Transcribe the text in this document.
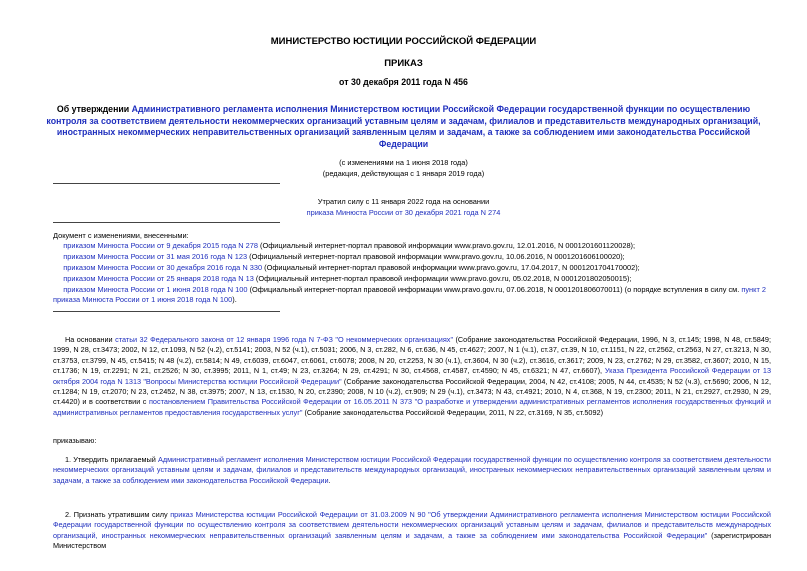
МИНИСТЕРСТВО ЮСТИЦИИ РОССИЙСКОЙ ФЕДЕРАЦИИ
ПРИКАЗ
от 30 декабря 2011 года N 456
Об утверждении Административного регламента исполнения Министерством юстиции Российской Федерации государственной функции по осуществлению контроля за соответствием деятельности некоммерческих организаций уставным целям и задачам, филиалов и представительств международных организаций, иностранных некоммерческих неправительственных организаций заявленным целям и задачам, а также за соблюдением ими законодательства Российской Федерации
(с изменениями на 1 июня 2018 года)
(редакция, действующая с 1 января 2019 года)
Утратил силу с 11 января 2022 года на основании
приказа Минюста России от 30 декабря 2021 года N 274
Документ с изменениями, внесенными:
приказом Минюста России от 9 декабря 2015 года N 278 (Официальный интернет-портал правовой информации www.pravo.gov.ru, 12.01.2016, N 0001201601120028);
приказом Минюста России от 31 мая 2016 года N 123 (Официальный интернет-портал правовой информации www.pravo.gov.ru, 10.06.2016, N 0001201606100020);
приказом Минюста России от 30 декабря 2016 года N 330 (Официальный интернет-портал правовой информации www.pravo.gov.ru, 17.04.2017, N 0001201704170002);
приказом Минюста России от 25 января 2018 года N 13 (Официальный интернет-портал правовой информации www.pravo.gov.ru, 05.02.2018, N 0001201802050015);
приказом Минюста России от 1 июня 2018 года N 100 (Официальный интернет-портал правовой информации www.pravo.gov.ru, 07.06.2018, N 0001201806070011) (о порядке вступления в силу см. пункт 2 приказа Минюста России от 1 июня 2018 года N 100).
На основании статьи 32 Федерального закона от 12 января 1996 года N 7-ФЗ "О некоммерческих организациях" (Собрание законодательства Российской Федерации, 1996, N 3, ст.145; 1998, N 48, ст.5849; 1999, N 28, ст.3473; 2002, N 12, ст.1093, N 52 (ч.2), ст.5141; 2003, N 52 (ч.1), ст.5031; 2006, N 3, ст.282, N 6, ст.636, N 45, ст.4627; 2007, N 1 (ч.1), ст.37, ст.39, N 10, ст.1151, N 22, ст.2562, ст.2563, N 27, ст.3213, N 30, ст.3753, ст.3799, N 45, ст.5415; N 48 (ч.2), ст.5814; N 49, ст.6039, ст.6047, ст.6061, ст.6078; 2008, N 20, ст.2253, N 30 (ч.1), ст.3604, N 30 (ч.2), ст.3616, ст.3617; 2009, N 23, ст.2762; N 29, ст.3582, ст.3607; 2010, N 15, ст.1736; N 19, ст.2291; N 21, ст.2526; N 30, ст.3995; 2011, N 1, ст.49; N 23, ст.3264; N 29, ст.4291; N 30, ст.4568, ст.4587, ст.4590; N 45, ст.6321; N 47, ст.6607), Указа Президента Российской Федерации от 13 октября 2004 года N 1313 "Вопросы Министерства юстиции Российской Федерации" (Собрание законодательства Российской Федерации, 2004, N 42, ст.4108; 2005, N 44, ст.4535; N 52 (ч.3), ст.5690; 2006, N 12, ст.1284; N 19, ст.2070; N 23, ст.2452, N 38, ст.3975; 2007, N 13, ст.1530, N 20, ст.2390; 2008, N 10 (ч.2), ст.909; N 29 (ч.1), ст.3473; N 43, ст.4921; 2010, N 4, ст.368, N 19, ст.2300; 2011, N 21, ст.2927, ст.2930, N 29, ст.4420) и в соответствии с постановлением Правительства Российской Федерации от 16.05.2011 N 373 "О разработке и утверждении административных регламентов исполнения государственных функций и административных регламентов предоставления государственных услуг" (Собрание законодательства Российской Федерации, 2011, N 22, ст.3169, N 35, ст.5092)
приказываю:
1. Утвердить прилагаемый Административный регламент исполнения Министерством юстиции Российской Федерации государственной функции по осуществлению контроля за соответствием деятельности некоммерческих организаций уставным целям и задачам, филиалов и представительств международных организаций, иностранных некоммерческих неправительственных организаций заявленным целям и задачам, а также за соблюдением ими законодательства Российской Федерации.
2. Признать утратившим силу приказ Министерства юстиции Российской Федерации от 31.03.2009 N 90 "Об утверждении Административного регламента исполнения Министерством юстиции Российской Федерации государственной функции по осуществлению контроля за соответствием деятельности некоммерческих организаций уставным целям и задачам, филиалов и представительств международных организаций, иностранных некоммерческих неправительственных организаций заявленным целям и задачам, а также за соблюдением ими законодательства Российской Федерации" (зарегистрирован Министерством
